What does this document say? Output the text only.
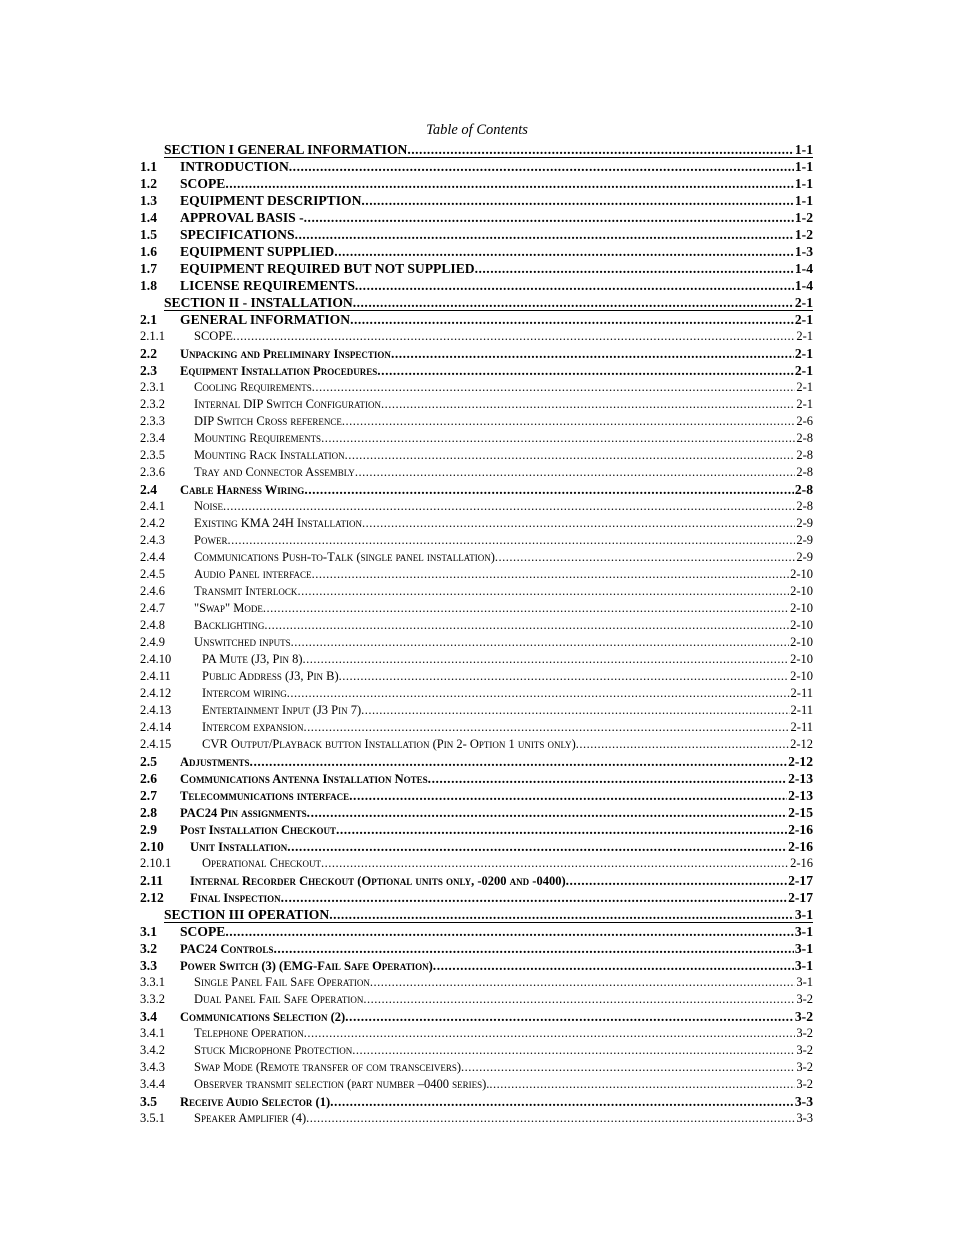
Table of Contents
SECTION I GENERAL INFORMATION .....	1-1
1.1 INTRODUCTION .....	1-1
1.2 SCOPE .....	1-1
1.3 EQUIPMENT DESCRIPTION .....	1-1
1.4 APPROVAL BASIS - .....	1-2
1.5 SPECIFICATIONS .....	1-2
1.6 EQUIPMENT SUPPLIED .....	1-3
1.7 EQUIPMENT REQUIRED BUT NOT SUPPLIED .....	1-4
1.8 LICENSE REQUIREMENTS .....	1-4
SECTION II - INSTALLATION .....	2-1
2.1 GENERAL INFORMATION .....	2-1
2.1.1 SCOPE .....	2-1
2.2 Unpacking and Preliminary Inspection .....	2-1
2.3 Equipment Installation Procedures .....	2-1
2.3.1 Cooling Requirements .....	2-1
2.3.2 Internal DIP Switch Configuration .....	2-1
2.3.3 DIP Switch Cross reference .....	2-6
2.3.4 Mounting Requirements .....	2-8
2.3.5 Mounting Rack Installation .....	2-8
2.3.6 Tray and Connector Assembly .....	2-8
2.4 Cable Harness Wiring .....	2-8
2.4.1 Noise .....	2-8
2.4.2 Existing KMA 24H Installation .....	2-9
2.4.3 Power .....	2-9
2.4.4 Communications Push-to-Talk (single panel installation) .....	2-9
2.4.5 Audio Panel interface .....	2-10
2.4.6 Transmit Interlock .....	2-10
2.4.7 "Swap" Mode .....	2-10
2.4.8 Backlighting .....	2-10
2.4.9 Unswitched inputs .....	2-10
2.4.10 PA Mute (J3, Pin 8) .....	2-10
2.4.11 Public Address (J3, Pin B) .....	2-10
2.4.12 Intercom wiring .....	2-11
2.4.13 Entertainment Input (J3 Pin 7) .....	2-11
2.4.14 Intercom expansion .....	2-11
2.4.15 CVR Output/Playback button Installation (Pin 2- Option 1 units only) .....	2-12
2.5 Adjustments .....	2-12
2.6 Communications Antenna Installation Notes .....	2-13
2.7 Telecommunications interface .....	2-13
2.8 PAC24 Pin assignments .....	2-15
2.9 Post Installation Checkout .....	2-16
2.10 Unit Installation .....	2-16
2.10.1 Operational Checkout .....	2-16
2.11 Internal Recorder Checkout (Optional units only, -0200 and -0400) .....	2-17
2.12 Final Inspection .....	2-17
SECTION III OPERATION .....	3-1
3.1 SCOPE .....	3-1
3.2 PAC24 Controls .....	3-1
3.3 Power Switch (3) (EMG-Fail Safe Operation) .....	3-1
3.3.1 Single Panel Fail Safe Operation .....	3-1
3.3.2 Dual Panel Fail Safe Operation .....	3-2
3.4 Communications Selection (2) .....	3-2
3.4.1 Telephone Operation .....	3-2
3.4.2 Stuck Microphone Protection .....	3-2
3.4.3 Swap Mode (Remote transfer of com transceivers) .....	3-2
3.4.4 Observer transmit selection (part number –0400 series). .....	3-2
3.5 Receive Audio Selector (1) .....	3-3
3.5.1 Speaker Amplifier (4) .....	3-3
